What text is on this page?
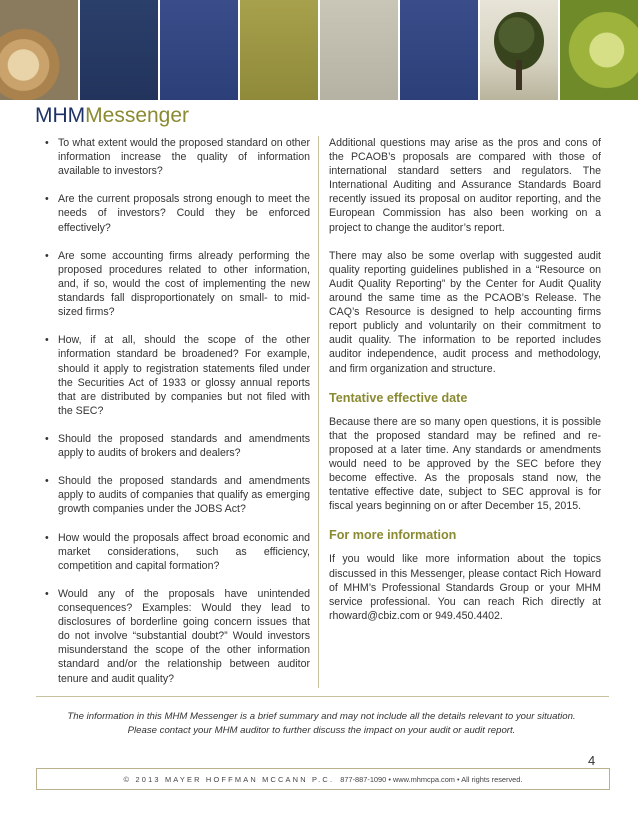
MHMMessenger
• To what extent would the proposed standard on other information increase the quality of information available to investors?
• Are the current proposals strong enough to meet the needs of investors? Could they be enforced effectively?
• Are some accounting firms already performing the proposed procedures related to other information, and, if so, would the cost of implementing the new standards fall disproportionately on small- to mid-sized firms?
• How, if at all, should the scope of the other information standard be broadened? For example, should it apply to registration statements filed under the Securities Act of 1933 or glossy annual reports that are distributed by companies but not filed with the SEC?
• Should the proposed standards and amendments apply to audits of brokers and dealers?
• Should the proposed standards and amendments apply to audits of companies that qualify as emerging growth companies under the JOBS Act?
• How would the proposals affect broad economic and market considerations, such as efficiency, competition and capital formation?
• Would any of the proposals have unintended consequences? Examples: Would they lead to disclosures of borderline going concern issues that do not involve “substantial doubt?” Would investors misunderstand the scope of the other information standard and/or the relationship between auditor tenure and audit quality?

Additional questions may arise as the pros and cons of the PCAOB’s proposals are compared with those of international standard setters and regulators. The International Auditing and Assurance Standards Board recently issued its proposal on auditor reporting, and the European Commission has also been working on a project to change the auditor’s report.

There may also be some overlap with suggested audit quality reporting guidelines published in a “Resource on Audit Quality Reporting” by the Center for Audit Quality around the same time as the PCAOB’s Release. The CAQ’s Resource is designed to help accounting firms report publicly and voluntarily on their commitment to audit quality. The information to be reported includes auditor independence, audit process and methodology, and firm organization and structure.

Tentative effective date

Because there are so many open questions, it is possible that the proposed standard may be refined and re-proposed at a later time. Any standards or amendments would need to be approved by the SEC before they become effective. As the proposals stand now, the tentative effective date, subject to SEC approval is for fiscal years beginning on or after December 15, 2015.

For more information

If you would like more information about the topics discussed in this Messenger, please contact Rich Howard of MHM’s Professional Standards Group or your MHM service professional. You can reach Rich directly at rhoward@cbiz.com or 949.450.4402.

The information in this MHM Messenger is a brief summary and may not include all the details relevant to your situation.
Please contact your MHM auditor to further discuss the impact on your audit or audit report.
4
© 2013 MAYER HOFFMAN MCCANN P.C. 877-887-1090 • www.mhmcpa.com • All rights reserved.
